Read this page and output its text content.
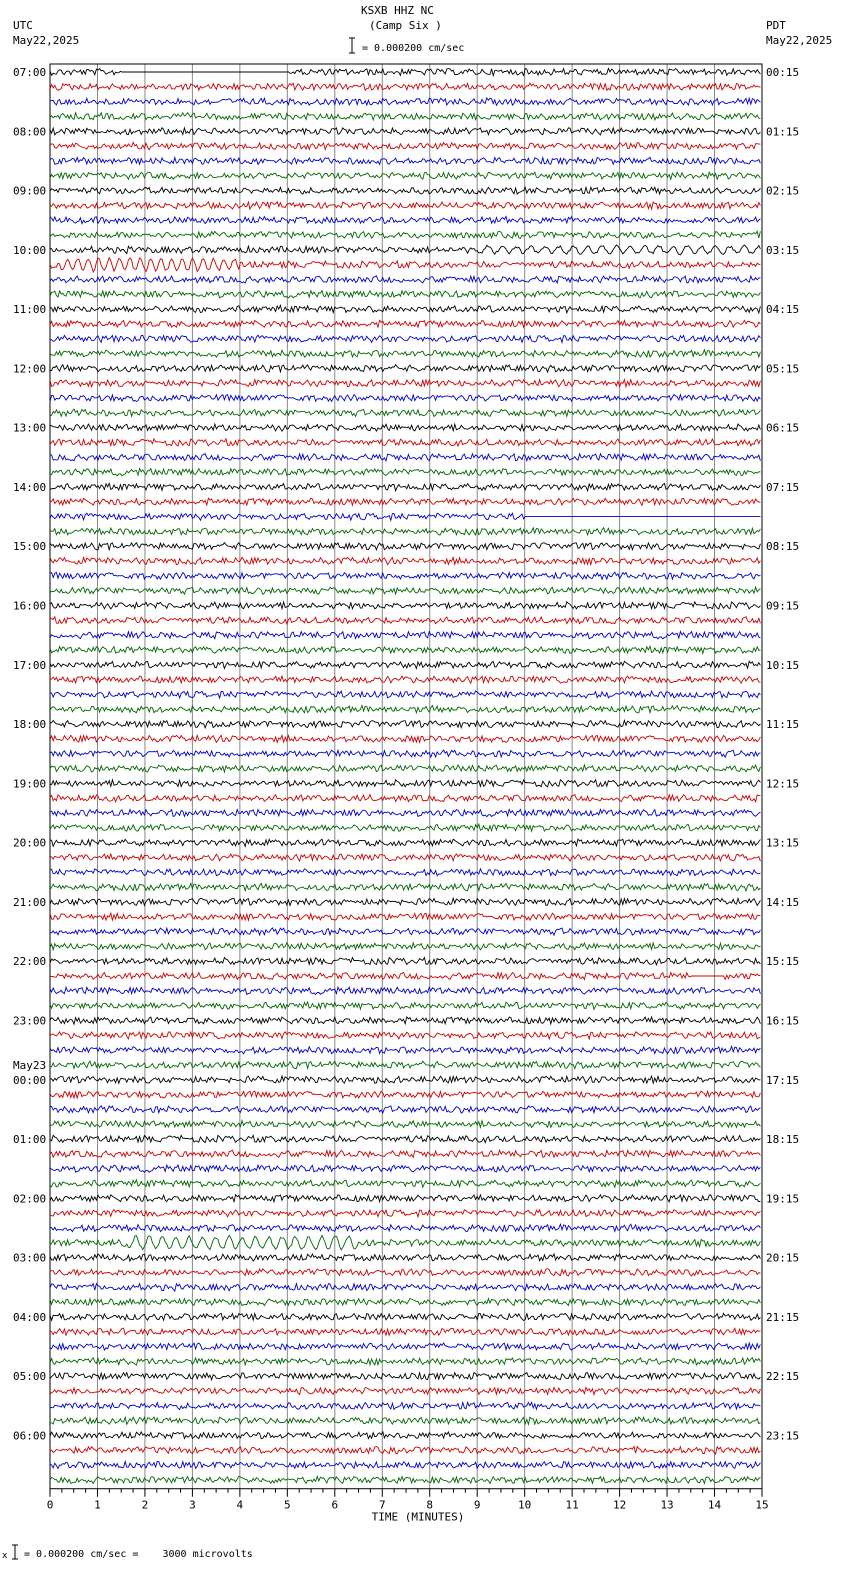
KSXB HHZ NC
(Camp Six )
UTC
May22,2025
PDT
May22,2025
= 0.000200 cm/sec
x = 0.000200 cm/sec =    3000 microvolts
07:00
08:00
09:00
10:00
11:00
12:00
13:00
14:00
15:00
16:00
17:00
18:00
19:00
20:00
21:00
22:00
23:00
00:00
01:00
02:00
03:00
04:00
05:00
06:00
00:15
01:15
02:15
03:15
04:15
05:15
06:15
07:15
08:15
09:15
10:15
11:15
12:15
13:15
14:15
15:15
16:15
17:15
18:15
19:15
20:15
21:15
22:15
23:15
May23
0	1	2	3	4	5	6	7	8	9	10	11	12	13	14	15
TIME (MINUTES)
